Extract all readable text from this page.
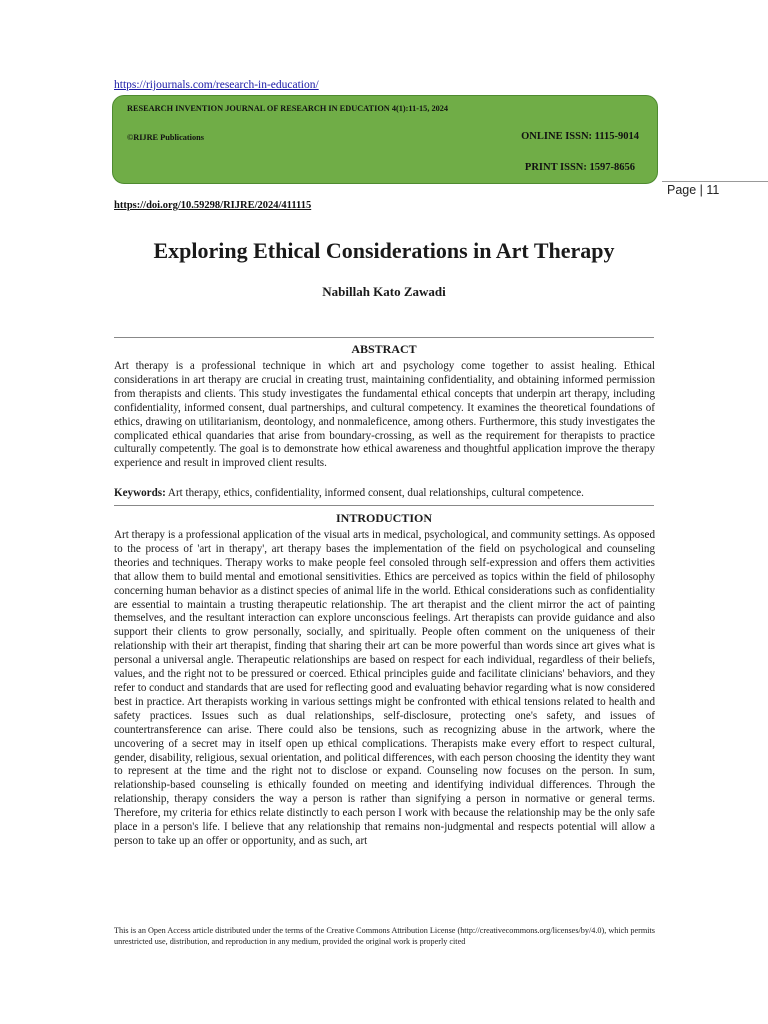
https://rijournals.com/research-in-education/
RESEARCH INVENTION JOURNAL OF RESEARCH IN EDUCATION 4(1):11-15, 2024
©RIJRE Publications	ONLINE ISSN: 1115-9014
PRINT ISSN: 1597-8656
Page | 11
https://doi.org/10.59298/RIJRE/2024/411115
Exploring Ethical Considerations in Art Therapy
Nabillah Kato Zawadi
ABSTRACT

Art therapy is a professional technique in which art and psychology come together to assist healing. Ethical considerations in art therapy are crucial in creating trust, maintaining confidentiality, and obtaining informed permission from therapists and clients. This study investigates the fundamental ethical concepts that underpin art therapy, including confidentiality, informed consent, dual partnerships, and cultural competency. It examines the theoretical foundations of ethics, drawing on utilitarianism, deontology, and nonmaleficence, among others. Furthermore, this study investigates the complicated ethical quandaries that arise from boundary-crossing, as well as the requirement for therapists to practice culturally competently. The goal is to demonstrate how ethical awareness and thoughtful application improve the therapy experience and result in improved client results.

Keywords: Art therapy, ethics, confidentiality, informed consent, dual relationships, cultural competence.

INTRODUCTION

Art therapy is a professional application of the visual arts in medical, psychological, and community settings. As opposed to the process of 'art in therapy', art therapy bases the implementation of the field on psychological and counseling theories and techniques. Therapy works to make people feel consoled through self-expression and offers them activities that allow them to build mental and emotional sensitivities. Ethics are perceived as topics within the field of philosophy concerning human behavior as a distinct species of animal life in the world. Ethical considerations such as confidentiality are essential to maintain a trusting therapeutic relationship. The art therapist and the client mirror the act of painting themselves, and the resultant interaction can explore unconscious feelings. Art therapists can provide guidance and also support their clients to grow personally, socially, and spiritually. People often comment on the uniqueness of their relationship with their art therapist, finding that sharing their art can be more powerful than words since art gives what is personal a universal angle. Therapeutic relationships are based on respect for each individual, regardless of their beliefs, values, and the right not to be pressured or coerced. Ethical principles guide and facilitate clinicians' behaviors, and they refer to conduct and standards that are used for reflecting good and evaluating behavior regarding what is now considered best in practice. Art therapists working in various settings might be confronted with ethical tensions related to health and safety practices. Issues such as dual relationships, self-disclosure, protecting one's safety, and issues of countertransference can arise. There could also be tensions, such as recognizing abuse in the artwork, where the uncovering of a secret may in itself open up ethical complications. Therapists make every effort to respect cultural, gender, disability, religious, sexual orientation, and political differences, with each person choosing the identity they want to represent at the time and the right not to disclose or expand. Counseling now focuses on the person. In sum, relationship-based counseling is ethically founded on meeting and identifying individual differences. Through the relationship, therapy considers the way a person is rather than signifying a person in normative or general terms. Therefore, my criteria for ethics relate distinctly to each person I work with because the relationship may be the only safe place in a person's life. I believe that any relationship that remains non-judgmental and respects potential will allow a person to take up an offer or opportunity, and as such, art

This is an Open Access article distributed under the terms of the Creative Commons Attribution License (http://creativecommons.org/licenses/by/4.0), which permits unrestricted use, distribution, and reproduction in any medium, provided the original work is properly cited
